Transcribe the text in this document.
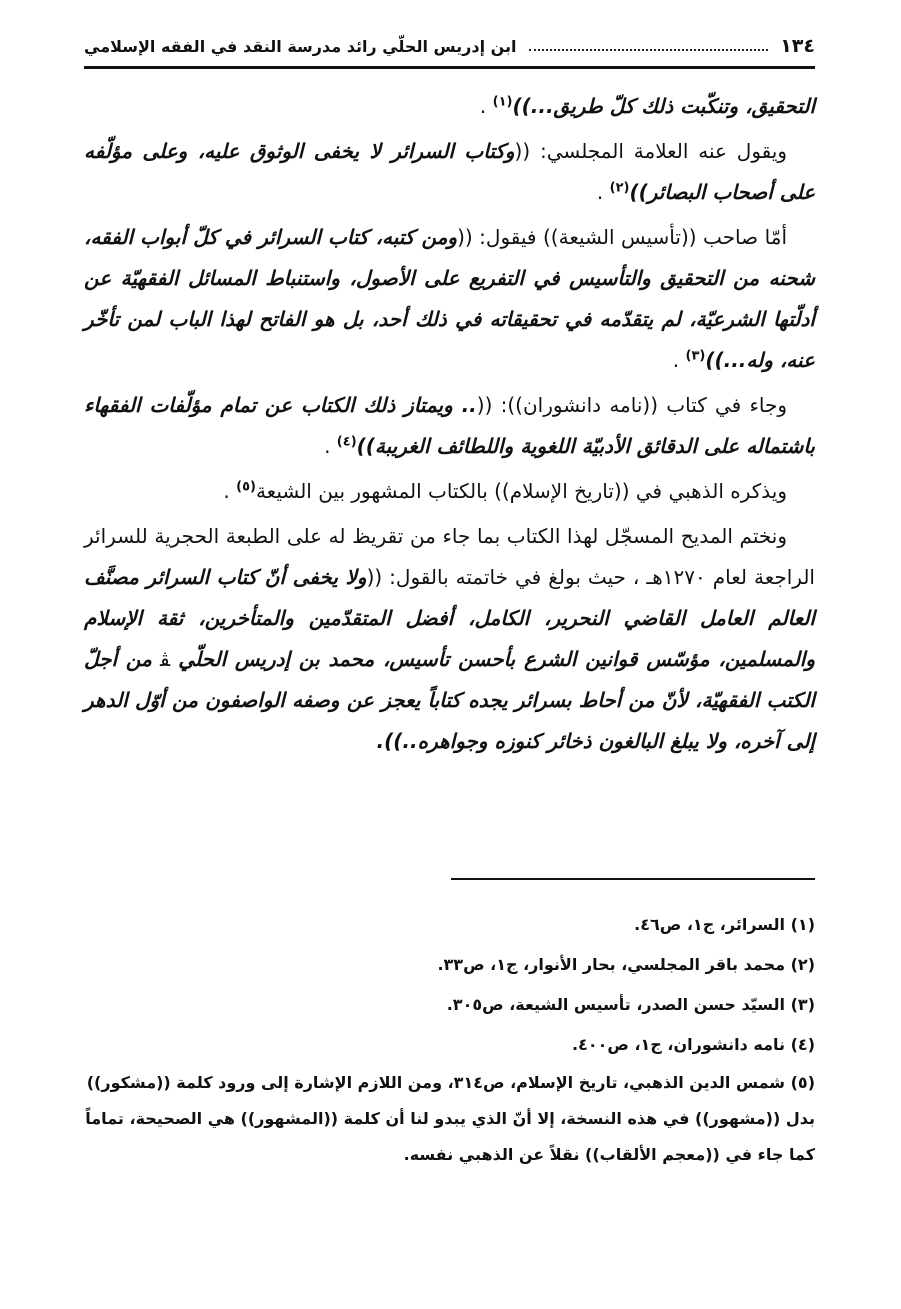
١٣٤
ابن إدريس الحلّي رائد مدرسة النقد في الفقه الإسلامي

التحقيق، وتنكّبت ذلك كلّ طريق...))$^{(١)}$ .

ويقول عنه العلامة المجلسي: ((وكتاب السرائر لا يخفى الوثوق عليه، وعلى مؤلّفه على أصحاب البصائر))$^{(٢)}$ .

أمّا صاحب ((تأسيس الشيعة)) فيقول: ((ومن كتبه، كتاب السرائر في كلّ أبواب الفقه، شحنه من التحقيق والتأسيس في التفريع على الأصول، واستنباط المسائل الفقهيّة عن أدلّتها الشرعيّة، لم يتقدّمه في تحقيقاته في ذلك أحد، بل هو الفاتح لهذا الباب لمن تأخّر عنه، وله...))$^{(٣)}$ .

وجاء في كتاب ((نامه دانشوران)): ((.. ويمتاز ذلك الكتاب عن تمام مؤلّفات الفقهاء باشتماله على الدقائق الأدبيّة اللغوية واللطائف الغريبة))$^{(٤)}$ .

ويذكره الذهبي في ((تاريخ الإسلام)) بالكتاب المشهور بين الشيعة$^{(٥)}$ .

ونختم المديح المسجّل لهذا الكتاب بما جاء من تقريظ له على الطبعة الحجرية للسرائر الراجعة لعام ١٢٧٠هـ ، حيث بولغ في خاتمته بالقول: ((ولا يخفى أنّ كتاب السرائر مصنَّف العالم العامل القاضي النحرير، الكامل، أفضل المتقدّمين والمتأخرين، ثقة الإسلام والمسلمين، مؤسّس قوانين الشرع بأحسن تأسيس، محمد بن إدريس الحلّي ﭭ من أجلّ الكتب الفقهيّة، لأنّ من أحاط بسرائر يجده كتاباً يعجز عن وصفه الواصفون من أوّل الدهر إلى آخره، ولا يبلغ البالغون ذخائر كنوزه وجواهره..)).

(١) السرائر، ج١، ص٤٦.

(٢) محمد باقر المجلسي، بحار الأنوار، ج١، ص٣٣.

(٣) السيّد حسن الصدر، تأسيس الشيعة، ص٣٠٥.

(٤) نامه دانشوران، ج١، ص٤٠٠.

(٥) شمس الدين الذهبي، تاريخ الإسلام، ص٣١٤، ومن اللازم الإشارة إلى ورود كلمة ((مشكور)) بدل ((مشهور)) في هذه النسخة، إلا أنّ الذي يبدو لنا أن كلمة ((المشهور)) هي الصحيحة، تماماً كما جاء في ((معجم الألقاب)) نقلاً عن الذهبي نفسه.
